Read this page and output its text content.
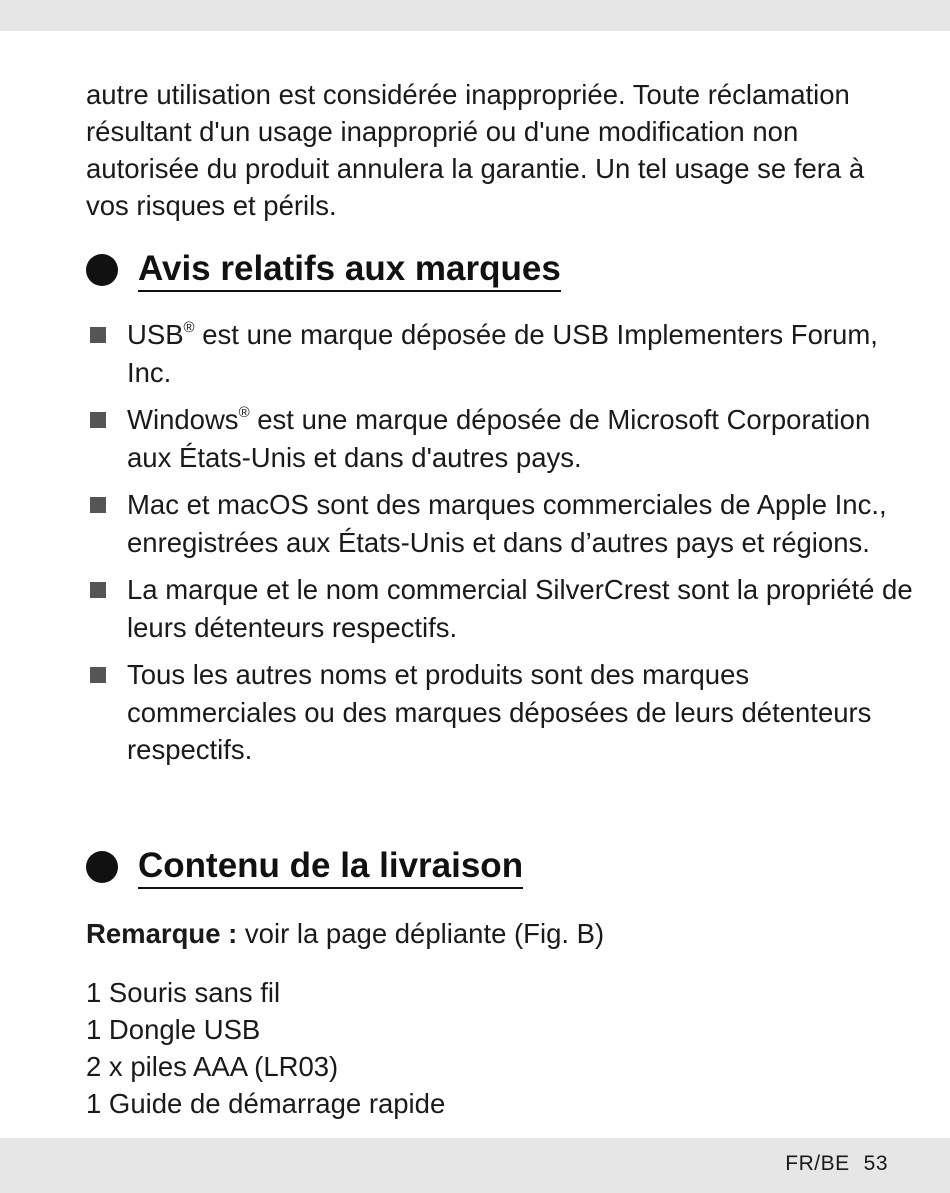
autre utilisation est considérée inappropriée. Toute réclamation résultant d'un usage inapproprié ou d'une modification non autorisée du produit annulera la garantie. Un tel usage se fera à vos risques et périls.

Avis relatifs aux marques
USB® est une marque déposée de USB Implementers Forum, Inc.
Windows® est une marque déposée de Microsoft Corporation aux États-Unis et dans d'autres pays.
Mac et macOS sont des marques commerciales de Apple Inc., enregistrées aux États-Unis et dans d’autres pays et régions.
La marque et le nom commercial SilverCrest sont la propriété de leurs détenteurs respectifs.
Tous les autres noms et produits sont des marques commerciales ou des marques déposées de leurs détenteurs respectifs.
Contenu de la livraison

Remarque : voir la page dépliante (Fig. B)

1 Souris sans fil
1 Dongle USB
2 x piles AAA (LR03)
1 Guide de démarrage rapide
FR/BE 53
